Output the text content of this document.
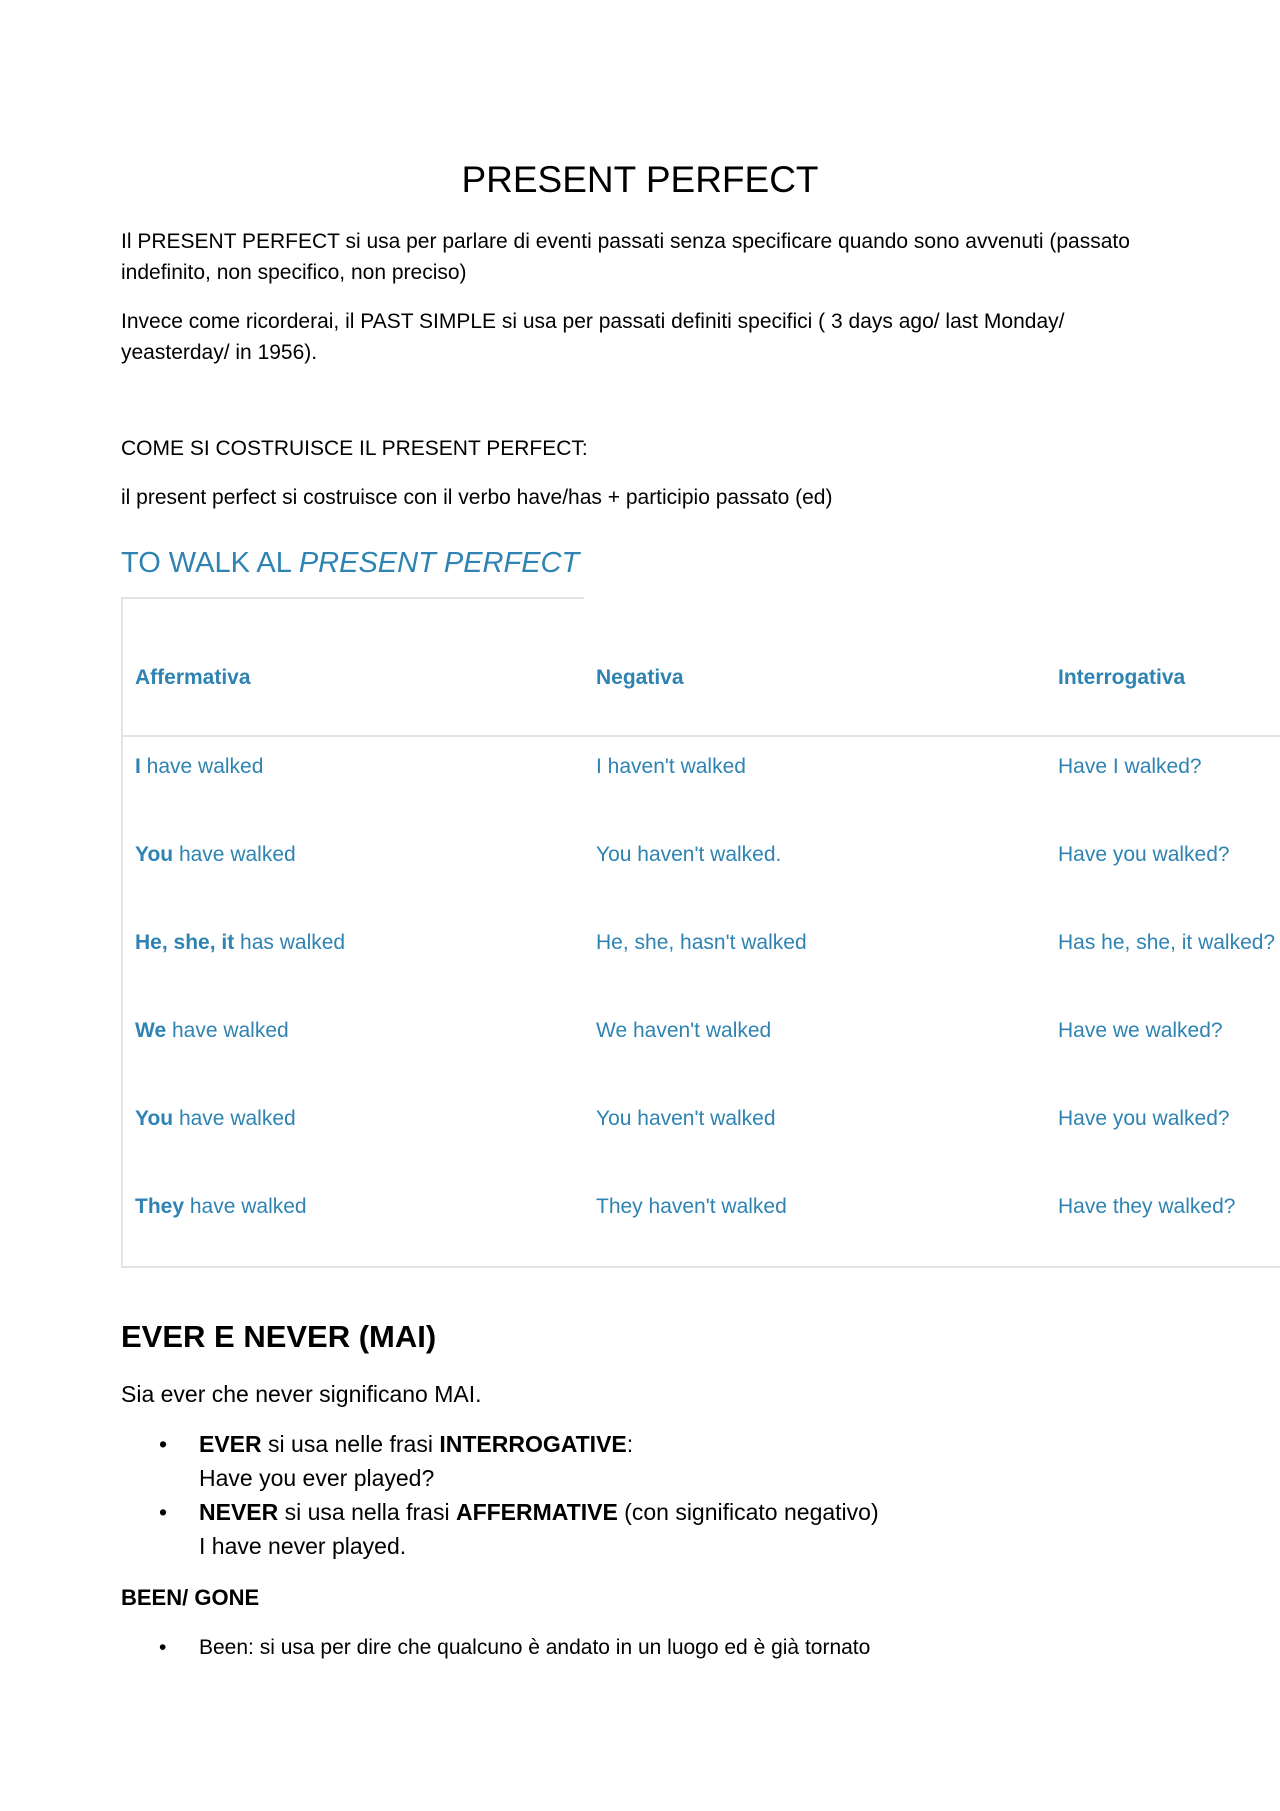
PRESENT PERFECT

Il PRESENT PERFECT si usa per parlare di eventi passati senza specificare quando sono avvenuti (passato indefinito, non specifico, non preciso)

Invece come ricorderai, il PAST SIMPLE si usa per passati definiti specifici ( 3 days ago/ last Monday/ yeasterday/ in 1956).

COME SI COSTRUISCE IL PRESENT PERFECT:

il present perfect si costruisce con il verbo have/has + participio passato (ed)

TO WALK AL PRESENT PERFECT

Affermativa	Negativa	Interrogativa

I have walked	I haven't walked	Have I walked?

You have walked	You haven't walked.	Have you walked?

He, she, it has walked	He, she, hasn't walked	Has he, she, it walked?

We have walked	We haven't walked	Have we walked?

You have walked	You haven't walked	Have you walked?

They have walked	They haven't walked	Have they walked?

EVER E NEVER (MAI)

Sia ever che never significano MAI.

• EVER si usa nelle frasi INTERROGATIVE:
Have you ever played?
• NEVER si usa nella frasi AFFERMATIVE (con significato negativo)
I have never played.
BEEN/ GONE
• Been: si usa per dire che qualcuno è andato in un luogo ed è già tornato
